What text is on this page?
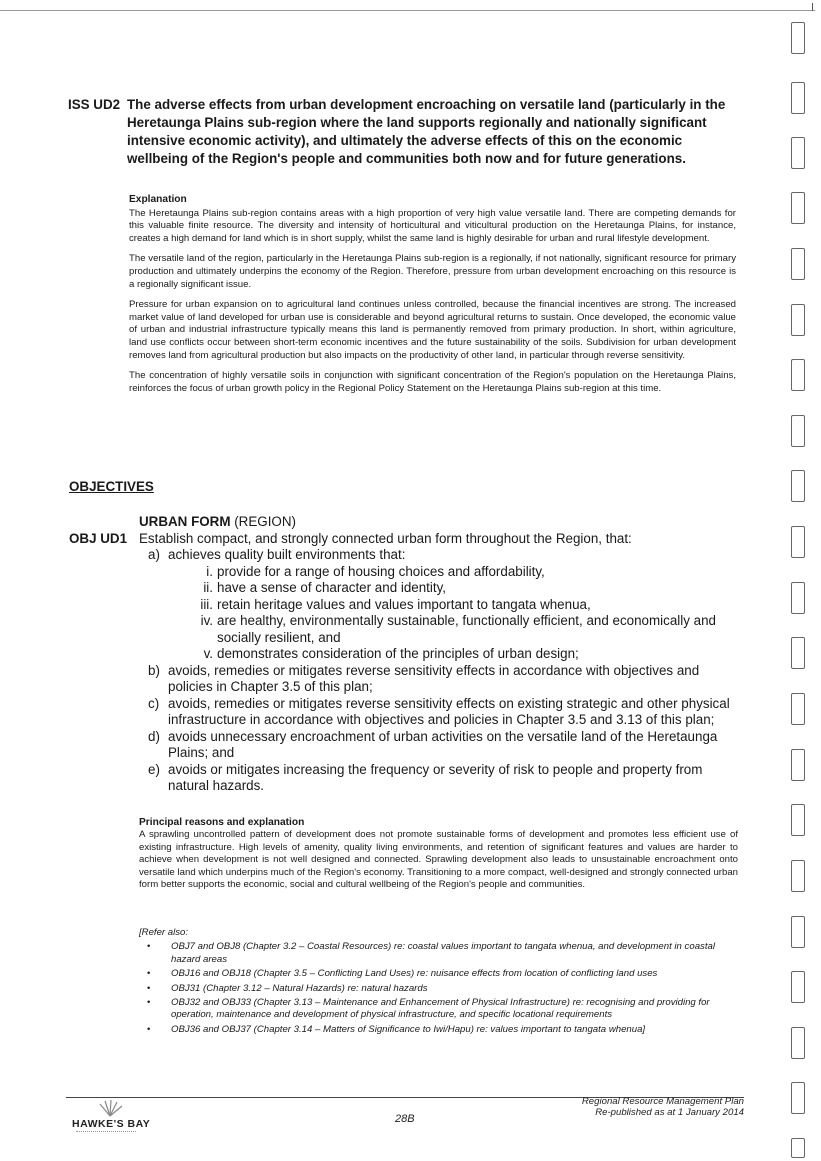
ISS UD2 The adverse effects from urban development encroaching on versatile land (particularly in the Heretaunga Plains sub-region where the land supports regionally and nationally significant intensive economic activity), and ultimately the adverse effects of this on the economic wellbeing of the Region's people and communities both now and for future generations.
Explanation

The Heretaunga Plains sub-region contains areas with a high proportion of very high value versatile land. There are competing demands for this valuable finite resource. The diversity and intensity of horticultural and viticultural production on the Heretaunga Plains, for instance, creates a high demand for land which is in short supply, whilst the same land is highly desirable for urban and rural lifestyle development.

The versatile land of the region, particularly in the Heretaunga Plains sub-region is a regionally, if not nationally, significant resource for primary production and ultimately underpins the economy of the Region. Therefore, pressure from urban development encroaching on this resource is a regionally significant issue.

Pressure for urban expansion on to agricultural land continues unless controlled, because the financial incentives are strong. The increased market value of land developed for urban use is considerable and beyond agricultural returns to sustain. Once developed, the economic value of urban and industrial infrastructure typically means this land is permanently removed from primary production. In short, within agriculture, land use conflicts occur between short-term economic incentives and the future sustainability of the soils. Subdivision for urban development removes land from agricultural production but also impacts on the productivity of other land, in particular through reverse sensitivity.

The concentration of highly versatile soils in conjunction with significant concentration of the Region's population on the Heretaunga Plains, reinforces the focus of urban growth policy in the Regional Policy Statement on the Heretaunga Plains sub-region at this time.

OBJECTIVES
URBAN FORM (REGION)
OBJ UD1 Establish compact, and strongly connected urban form throughout the Region, that:
a) achieves quality built environments that:
i. provide for a range of housing choices and affordability,
ii. have a sense of character and identity,
iii. retain heritage values and values important to tangata whenua,
iv. are healthy, environmentally sustainable, functionally efficient, and economically and socially resilient, and
v. demonstrates consideration of the principles of urban design;
b) avoids, remedies or mitigates reverse sensitivity effects in accordance with objectives and policies in Chapter 3.5 of this plan;
c) avoids, remedies or mitigates reverse sensitivity effects on existing strategic and other physical infrastructure in accordance with objectives and policies in Chapter 3.5 and 3.13 of this plan;
d) avoids unnecessary encroachment of urban activities on the versatile land of the Heretaunga Plains; and
e) avoids or mitigates increasing the frequency or severity of risk to people and property from natural hazards.
Principal reasons and explanation

A sprawling uncontrolled pattern of development does not promote sustainable forms of development and promotes less efficient use of existing infrastructure. High levels of amenity, quality living environments, and retention of significant features and values are harder to achieve when development is not well designed and connected. Sprawling development also leads to unsustainable encroachment onto versatile land which underpins much of the Region's economy. Transitioning to a more compact, well-designed and strongly connected urban form better supports the economic, social and cultural wellbeing of the Region's people and communities.

[Refer also:
• OBJ7 and OBJ8 (Chapter 3.2 – Coastal Resources) re: coastal values important to tangata whenua, and development in coastal hazard areas
• OBJ16 and OBJ18 (Chapter 3.5 – Conflicting Land Uses) re: nuisance effects from location of conflicting land uses
• OBJ31 (Chapter 3.12 – Natural Hazards) re: natural hazards
• OBJ32 and OBJ33 (Chapter 3.13 – Maintenance and Enhancement of Physical Infrastructure) re: recognising and providing for operation, maintenance and development of physical infrastructure, and specific locational requirements
• OBJ36 and OBJ37 (Chapter 3.14 – Matters of Significance to Iwi/Hapu) re: values important to tangata whenua]
HAWKE'S BAY	28B
Regional Resource Management Plan
Re-published as at 1 January 2014
